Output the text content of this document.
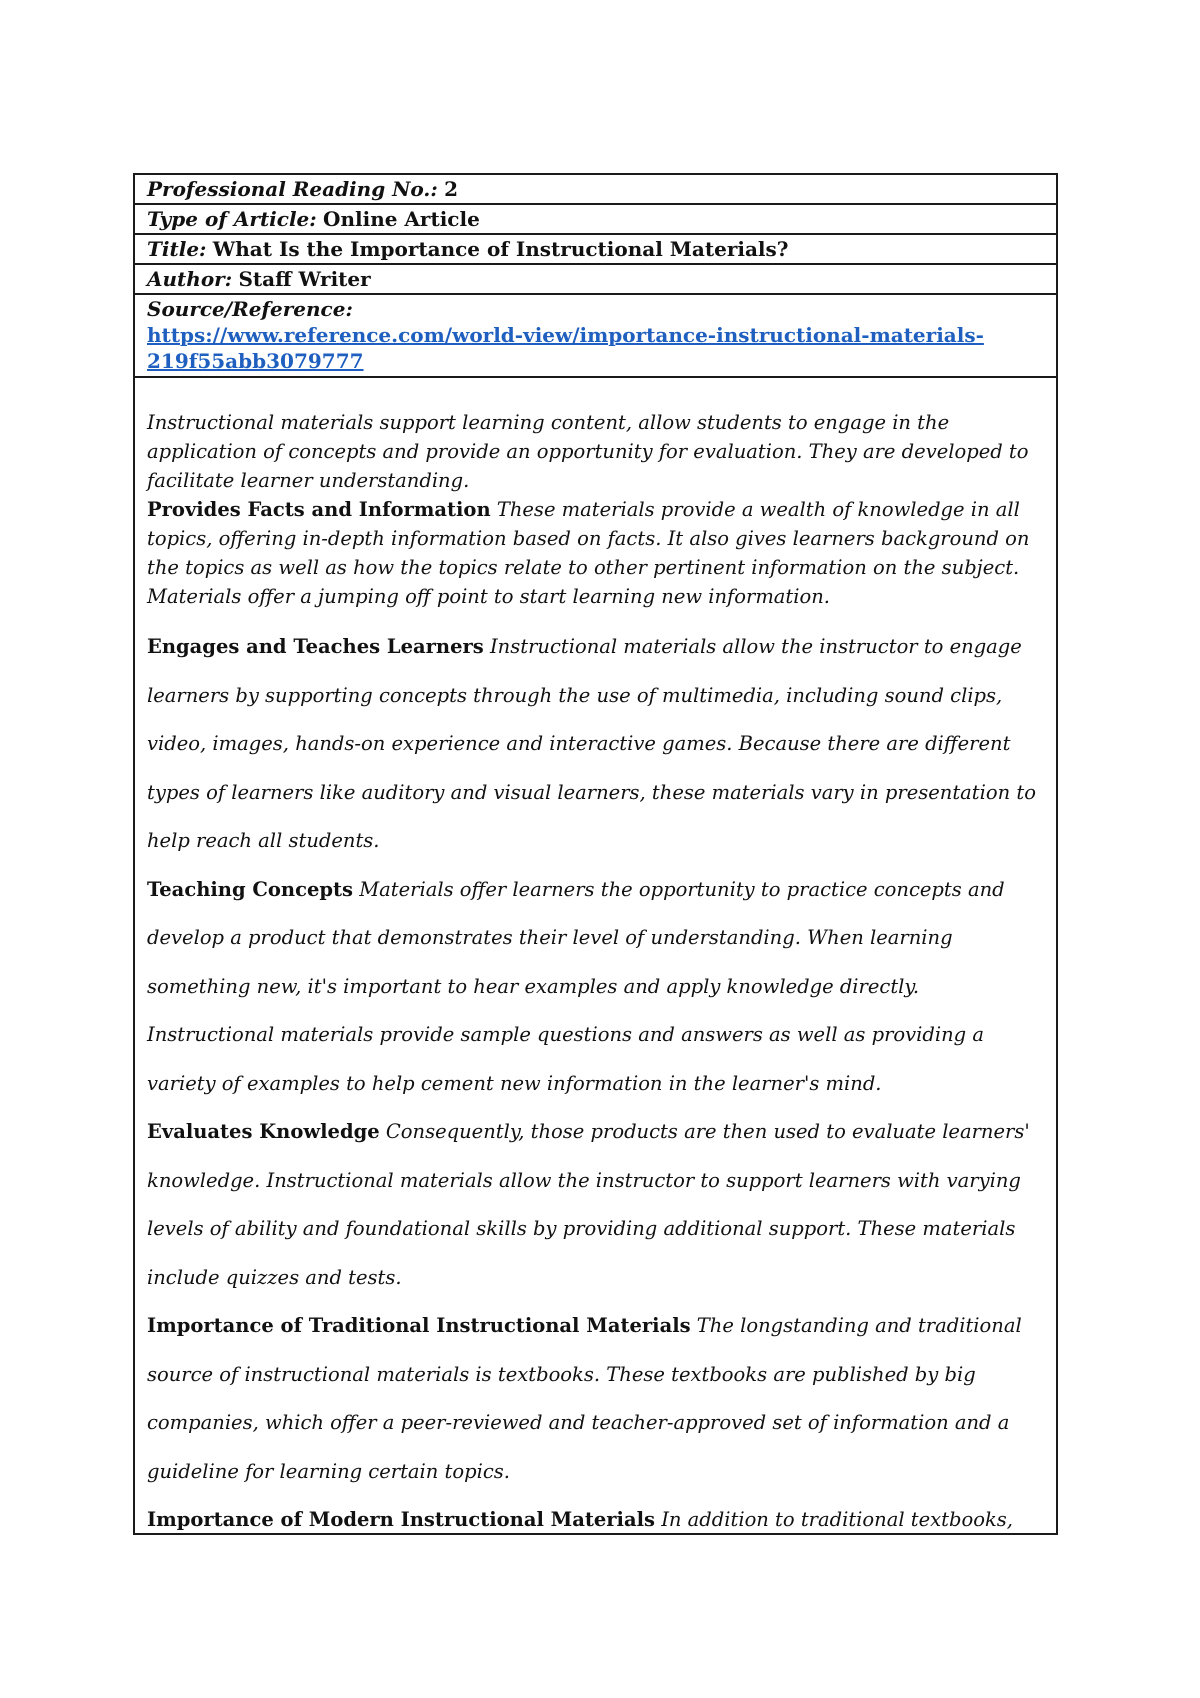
Professional Reading No.: 2
Type of Article: Online Article
Title: What Is the Importance of Instructional Materials?
Author: Staff Writer
Source/Reference:
https://www.reference.com/world-view/importance-instructional-materials-
219f55abb3079777

Instructional materials support learning content, allow students to engage in the
application of concepts and provide an opportunity for evaluation. They are developed to
facilitate learner understanding.

Provides Facts and Information These materials provide a wealth of knowledge in all
topics, offering in-depth information based on facts. It also gives learners background on
the topics as well as how the topics relate to other pertinent information on the subject.
Materials offer a jumping off point to start learning new information.

Engages and Teaches Learners Instructional materials allow the instructor to engage
learners by supporting concepts through the use of multimedia, including sound clips,
video, images, hands-on experience and interactive games. Because there are different
types of learners like auditory and visual learners, these materials vary in presentation to
help reach all students.

Teaching Concepts Materials offer learners the opportunity to practice concepts and
develop a product that demonstrates their level of understanding. When learning
something new, it's important to hear examples and apply knowledge directly.
Instructional materials provide sample questions and answers as well as providing a
variety of examples to help cement new information in the learner's mind.

Evaluates Knowledge Consequently, those products are then used to evaluate learners'
knowledge. Instructional materials allow the instructor to support learners with varying
levels of ability and foundational skills by providing additional support. These materials
include quizzes and tests.

Importance of Traditional Instructional Materials The longstanding and traditional
source of instructional materials is textbooks. These textbooks are published by big
companies, which offer a peer-reviewed and teacher-approved set of information and a
guideline for learning certain topics.

Importance of Modern Instructional Materials In addition to traditional textbooks,
